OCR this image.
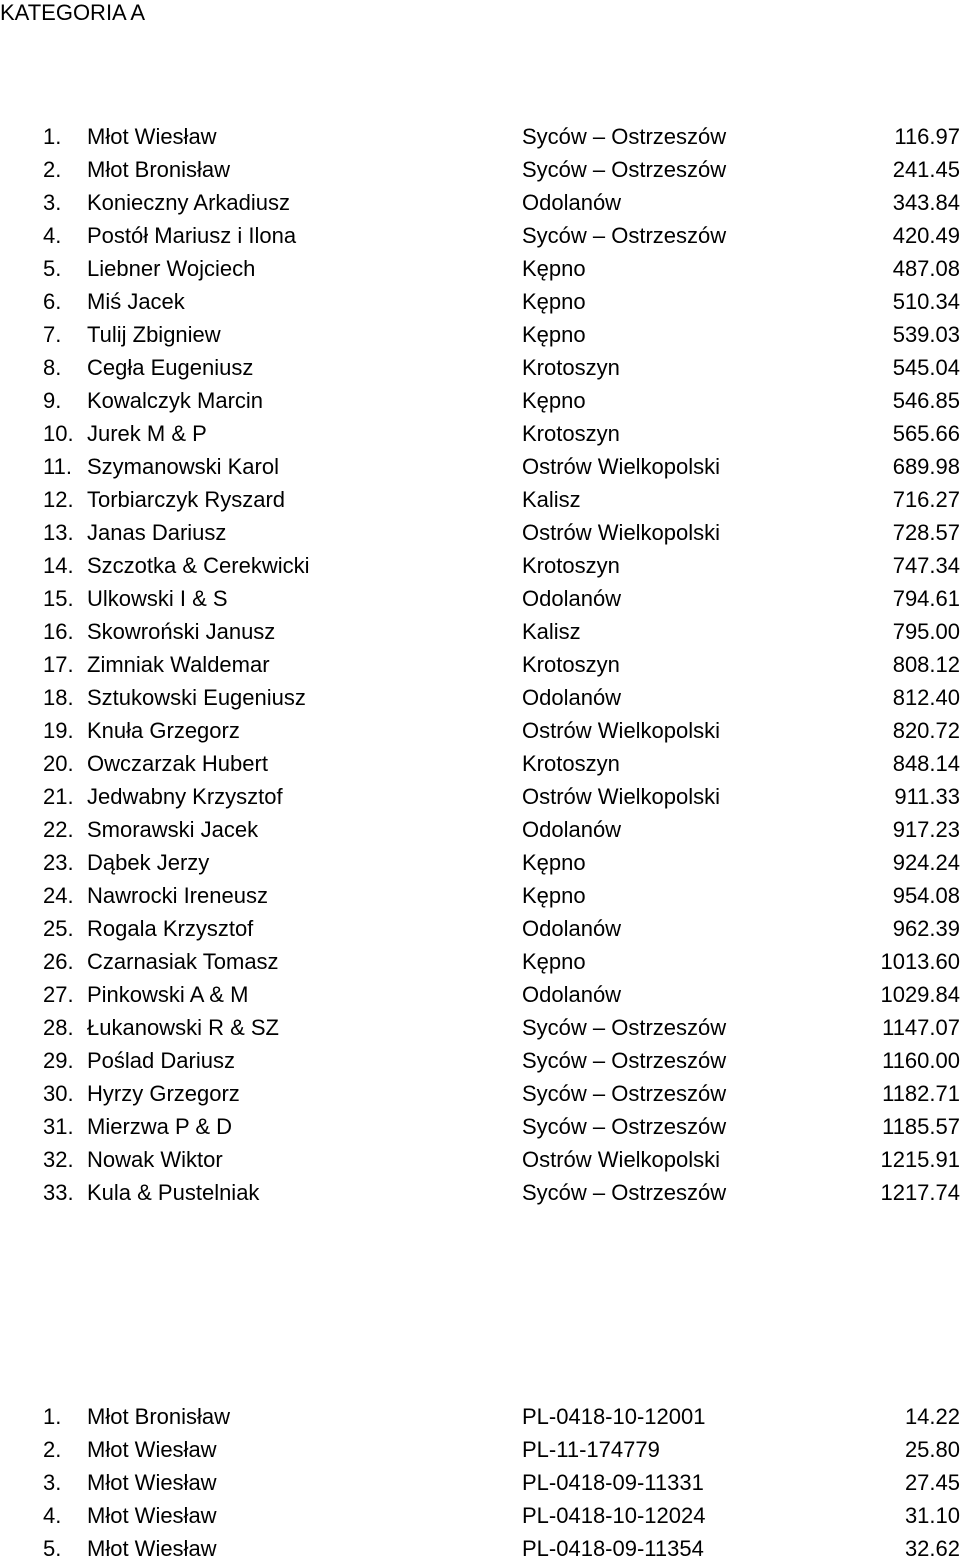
KATEGORIA A
1. Młot Wiesław	Syców – Ostrzeszów	116.97
2. Młot Bronisław	Syców – Ostrzeszów	241.45
3. Konieczny Arkadiusz	Odolanów	343.84
4. Postół Mariusz i Ilona	Syców – Ostrzeszów	420.49
5. Liebner Wojciech	Kępno	487.08
6. Miś Jacek	Kępno	510.34
7. Tulij Zbigniew	Kępno	539.03
8. Cegła Eugeniusz	Krotoszyn	545.04
9. Kowalczyk Marcin	Kępno	546.85
10. Jurek M & P	Krotoszyn	565.66
11. Szymanowski Karol	Ostrów Wielkopolski	689.98
12. Torbiarczyk Ryszard	Kalisz	716.27
13. Janas Dariusz	Ostrów Wielkopolski	728.57
14. Szczotka & Cerekwicki	Krotoszyn	747.34
15. Ulkowski I & S	Odolanów	794.61
16. Skowroński Janusz	Kalisz	795.00
17. Zimniak Waldemar	Krotoszyn	808.12
18. Sztukowski Eugeniusz	Odolanów	812.40
19. Knuła Grzegorz	Ostrów Wielkopolski	820.72
20. Owczarzak Hubert	Krotoszyn	848.14
21. Jedwabny Krzysztof	Ostrów Wielkopolski	911.33
22. Smorawski Jacek	Odolanów	917.23
23. Dąbek Jerzy	Kępno	924.24
24. Nawrocki Ireneusz	Kępno	954.08
25. Rogala Krzysztof	Odolanów	962.39
26. Czarnasiak Tomasz	Kępno	1013.60
27. Pinkowski A & M	Odolanów	1029.84
28. Łukanowski R & SZ	Syców – Ostrzeszów	1147.07
29. Poślad Dariusz	Syców – Ostrzeszów	1160.00
30. Hyrzy Grzegorz	Syców – Ostrzeszów	1182.71
31. Mierzwa P & D	Syców – Ostrzeszów	1185.57
32. Nowak Wiktor	Ostrów Wielkopolski	1215.91
33. Kula & Pustelniak	Syców – Ostrzeszów	1217.74
1. Młot Bronisław	PL-0418-10-12001	14.22
2. Młot Wiesław	PL-11-174779	25.80
3. Młot Wiesław	PL-0418-09-11331	27.45
4. Młot Wiesław	PL-0418-10-12024	31.10
5. Młot Wiesław	PL-0418-09-11354	32.62
